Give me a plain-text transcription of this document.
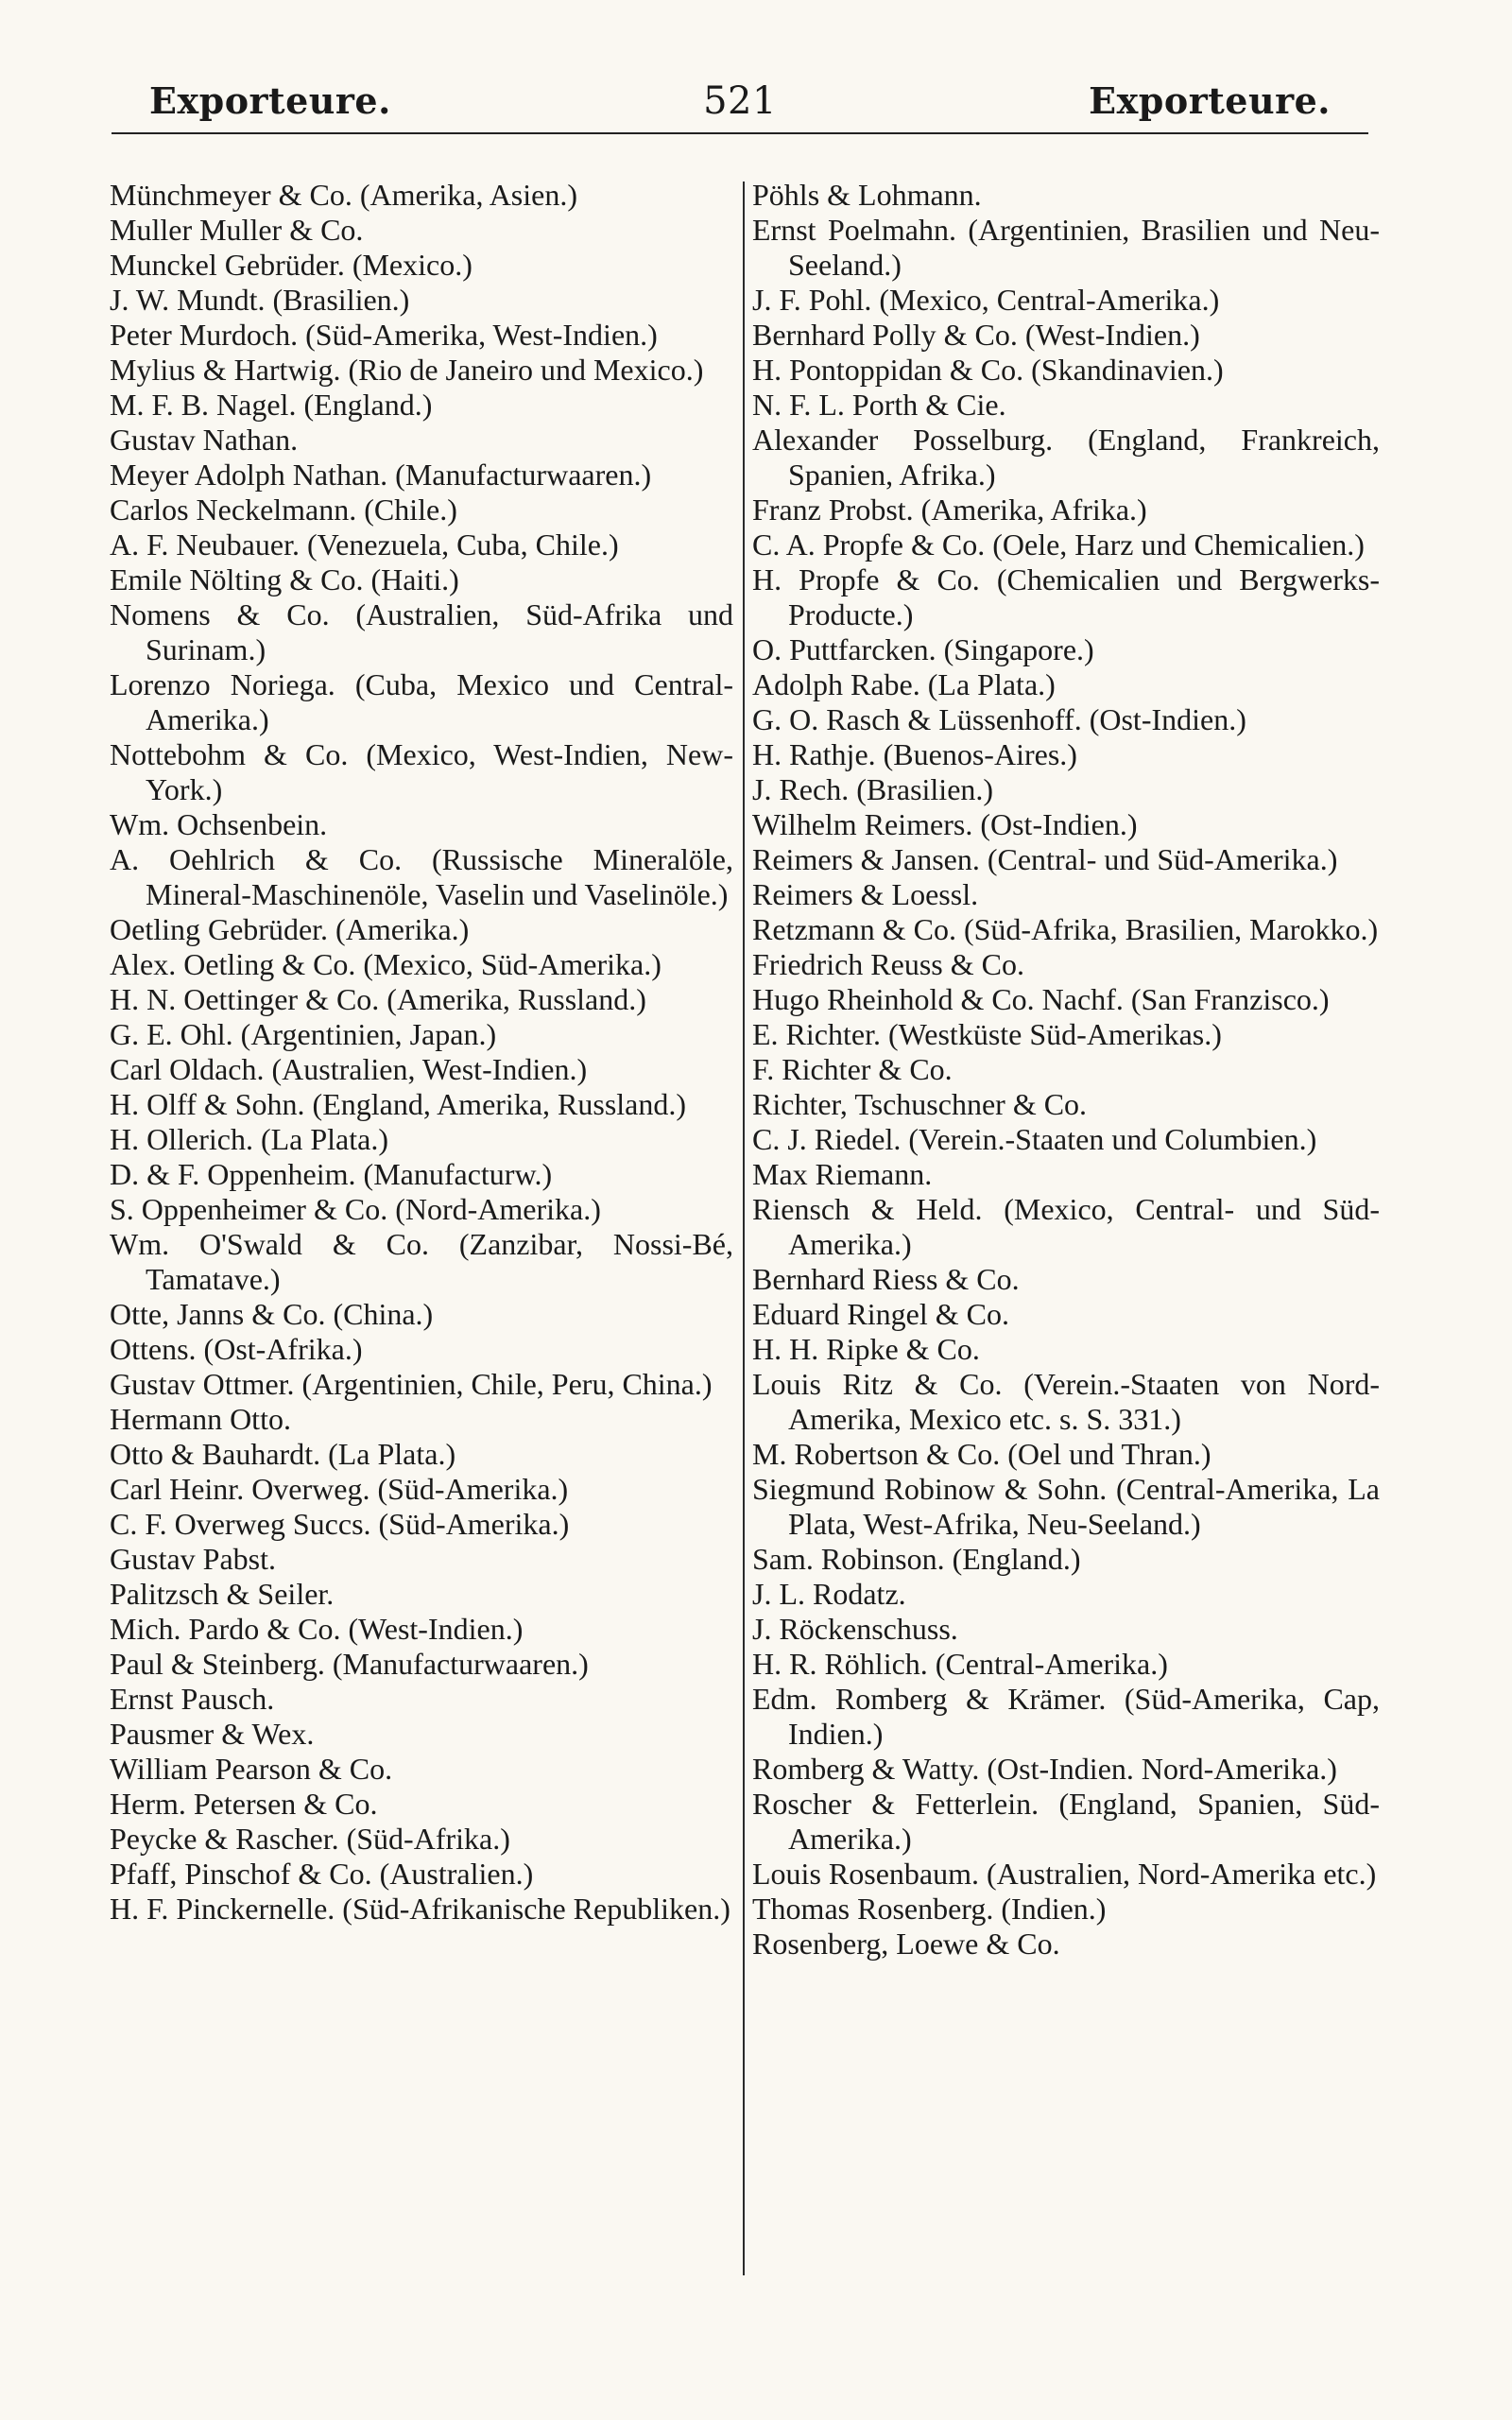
Exporteure.	521	Exporteure.

Münchmeyer & Co. (Amerika, Asien.)

Muller Muller & Co.

Munckel Gebrüder. (Mexico.)

J. W. Mundt. (Brasilien.)

Peter Murdoch. (Süd-Amerika, West-Indien.)

Mylius & Hartwig. (Rio de Janeiro und Mexico.)

M. F. B. Nagel. (England.)

Gustav Nathan.

Meyer Adolph Nathan. (Manufacturwaaren.)

Carlos Neckelmann. (Chile.)

A. F. Neubauer. (Venezuela, Cuba, Chile.)

Emile Nölting & Co. (Haiti.)

Nomens & Co. (Australien, Süd-Afrika und Surinam.)

Lorenzo Noriega. (Cuba, Mexico und Central-Amerika.)

Nottebohm & Co. (Mexico, West-Indien, New-York.)

Wm. Ochsenbein.

A. Oehlrich & Co. (Russische Mineralöle, Mineral-Maschinenöle, Vaselin und Vaselinöle.)

Oetling Gebrüder. (Amerika.)

Alex. Oetling & Co. (Mexico, Süd-Amerika.)

H. N. Oettinger & Co. (Amerika, Russland.)

G. E. Ohl. (Argentinien, Japan.)

Carl Oldach. (Australien, West-Indien.)

H. Olff & Sohn. (England, Amerika, Russland.)

H. Ollerich. (La Plata.)

D. & F. Oppenheim. (Manufacturw.)

S. Oppenheimer & Co. (Nord-Amerika.)

Wm. O'Swald & Co. (Zanzibar, Nossi-Bé, Tamatave.)

Otte, Janns & Co. (China.)

Ottens. (Ost-Afrika.)

Gustav Ottmer. (Argentinien, Chile, Peru, China.)

Hermann Otto.

Otto & Bauhardt. (La Plata.)

Carl Heinr. Overweg. (Süd-Amerika.)

C. F. Overweg Succs. (Süd-Amerika.)

Gustav Pabst.

Palitzsch & Seiler.

Mich. Pardo & Co. (West-Indien.)

Paul & Steinberg. (Manufacturwaaren.)

Ernst Pausch.

Pausmer & Wex.

William Pearson & Co.

Herm. Petersen & Co.

Peycke & Rascher. (Süd-Afrika.)

Pfaff, Pinschof & Co. (Australien.)

H. F. Pinckernelle. (Süd-Afrikanische Republiken.)

Pöhls & Lohmann.

Ernst Poelmahn. (Argentinien, Brasilien und Neu-Seeland.)

J. F. Pohl. (Mexico, Central-Amerika.)

Bernhard Polly & Co. (West-Indien.)

H. Pontoppidan & Co. (Skandinavien.)

N. F. L. Porth & Cie.

Alexander Posselburg. (England, Frankreich, Spanien, Afrika.)

Franz Probst. (Amerika, Afrika.)

C. A. Propfe & Co. (Oele, Harz und Chemicalien.)

H. Propfe & Co. (Chemicalien und Bergwerks-Producte.)

O. Puttfarcken. (Singapore.)

Adolph Rabe. (La Plata.)

G. O. Rasch & Lüssenhoff. (Ost-Indien.)

H. Rathje. (Buenos-Aires.)

J. Rech. (Brasilien.)

Wilhelm Reimers. (Ost-Indien.)

Reimers & Jansen. (Central- und Süd-Amerika.)

Reimers & Loessl.

Retzmann & Co. (Süd-Afrika, Brasilien, Marokko.)

Friedrich Reuss & Co.

Hugo Rheinhold & Co. Nachf. (San Franzisco.)

E. Richter. (Westküste Süd-Amerikas.)

F. Richter & Co.

Richter, Tschuschner & Co.

C. J. Riedel. (Verein.-Staaten und Columbien.)

Max Riemann.

Riensch & Held. (Mexico, Central- und Süd-Amerika.)

Bernhard Riess & Co.

Eduard Ringel & Co.

H. H. Ripke & Co.

Louis Ritz & Co. (Verein.-Staaten von Nord-Amerika, Mexico etc. s. S. 331.)

M. Robertson & Co. (Oel und Thran.)

Siegmund Robinow & Sohn. (Central-Amerika, La Plata, West-Afrika, Neu-Seeland.)

Sam. Robinson. (England.)

J. L. Rodatz.

J. Röckenschuss.

H. R. Röhlich. (Central-Amerika.)

Edm. Romberg & Krämer. (Süd-Amerika, Cap, Indien.)

Romberg & Watty. (Ost-Indien. Nord-Amerika.)

Roscher & Fetterlein. (England, Spanien, Süd-Amerika.)

Louis Rosenbaum. (Australien, Nord-Amerika etc.)

Thomas Rosenberg. (Indien.)

Rosenberg, Loewe & Co.
